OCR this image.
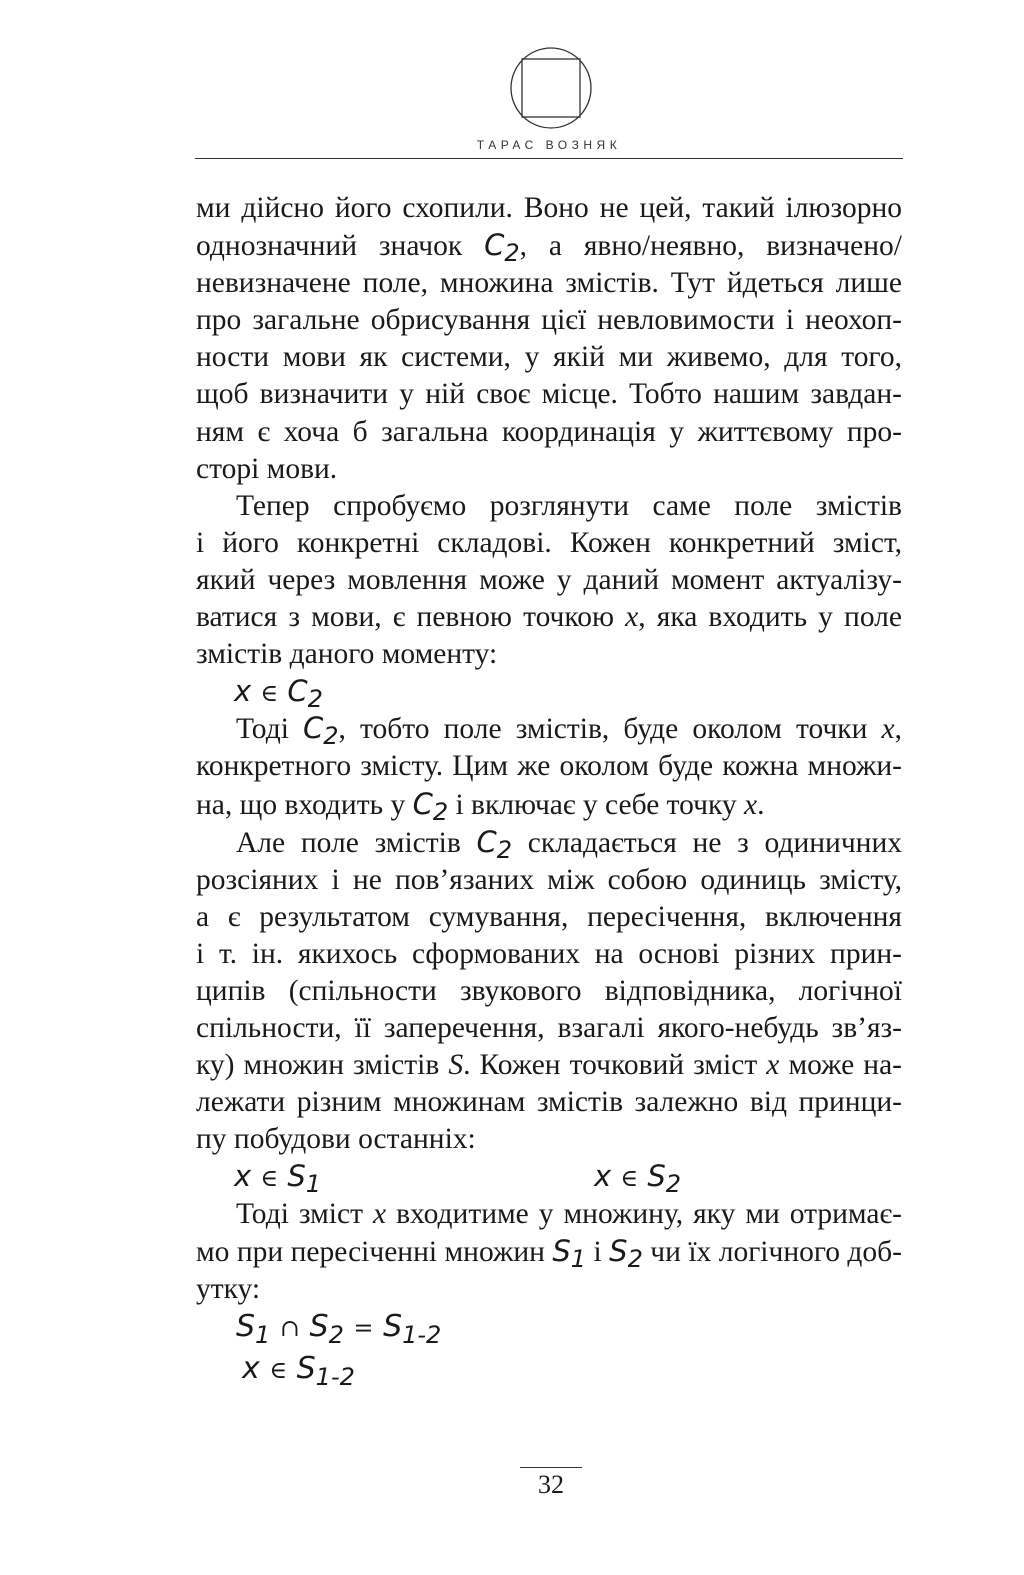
ТАРАС ВОЗНЯК

ми дійсно його схопили. Воно не цей, такий ілюзорно

однозначний значок $C_2$, а явно/неявно, визначено/

невизначене поле, множина змістів. Тут йдеться лише

про загальне обрисування цієї невловимости і неохоп-

ности мови як системи, у якій ми живемо, для того,

щоб визначити у ній своє місце. Тобто нашим завдан-

ням є хоча б загальна координація у життєвому про-

сторі мови.

Тепер спробуємо розглянути саме поле змістів

і його конкретні складові. Кожен конкретний зміст,

який через мовлення може у даний момент актуалізу-

ватися з мови, є певною точкою x, яка входить у поле

змістів даного моменту:

x ∈ $C_2$

Тоді $C_2$, тобто поле змістів, буде околом точки x,

конкретного змісту. Цим же околом буде кожна множи-

на, що входить у $C_2$ і включає у себе точку x.

Але поле змістів $C_2$ складається не з одиничних

розсіяних і не пов’язаних між собою одиниць змісту,

а є результатом сумування, пересічення, включення

і т. ін. якихось сформованих на основі різних прин-

ципів (спільности звукового відповідника, логічної

спільности, її заперечення, взагалі якого-небудь зв’яз-

ку) множин змістів S. Кожен точковий зміст x може на-

лежати різним множинам змістів залежно від принци-

пу побудови останніх:

x ∈ $S_1$	x ∈ $S_2$

Тоді зміст x входитиме у множину, яку ми отримає-

мо при пересіченні множин $S_1$ і $S_2$ чи їх логічного доб-

утку:

$S_1$ ∩ $S_2 = S_{1-2}$
x ∈ $S_{1-2}$
32
